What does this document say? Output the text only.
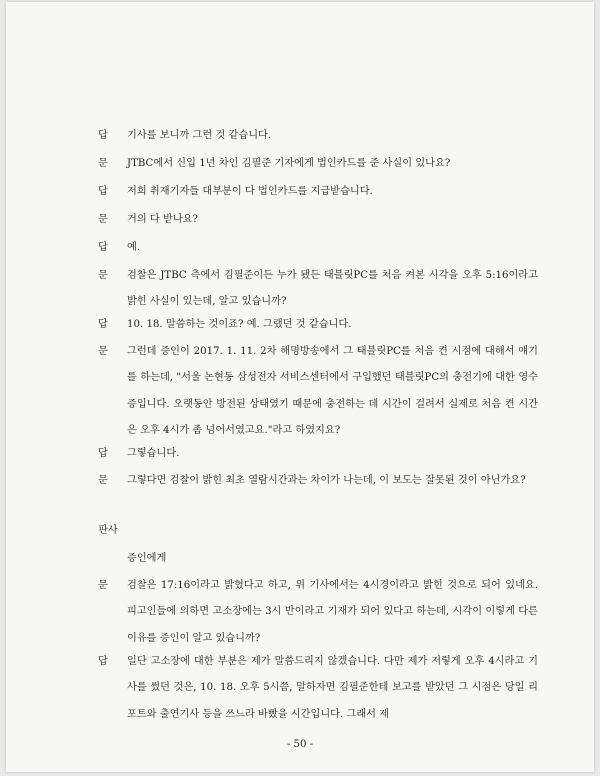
답	기사를 보니까 그런 것 같습니다.
문	JTBC에서 신입 1년 차인 김필준 기자에게 법인카드를 준 사실이 있나요?
답	저희 취재기자들 대부분이 다 법인카드를 지급받습니다.
문	거의 다 받나요?
답	예.
문	검찰은 JTBC 측에서 김필준이든 누가 됐든 태블릿PC를 처음 켜본 시각을 오후 5:16이라고 밝힌 사실이 있는데, 알고 있습니까?
답	10. 18. 말씀하는 것이죠? 예. 그랬던 것 같습니다.
문	그런데 증인이 2017. 1. 11. 2차 해명방송에서 그 태블릿PC를 처음 켠 시점에 대해서 얘기를 하는데, "서울 논현동 삼성전자 서비스센터에서 구입했던 태블릿PC의 충전기에 대한 영수증입니다. 오랫동안 방전된 상태였기 때문에 충전하는 데 시간이 걸려서 실제로 처음 켠 시간은 오후 4시가 좀 넘어서였고요."라고 하였지요?
답	그렇습니다.
문	그렇다면 검찰이 밝힌 최초 열람시간과는 차이가 나는데, 이 보도는 잘못된 것이 아닌가요?
판사
증인에게
문	검찰은 17:16이라고 밝혔다고 하고, 위 기사에서는 4시경이라고 밝힌 것으로 되어 있네요. 피고인들에 의하면 고소장에는 3시 반이라고 기재가 되어 있다고 하는데, 시각이 이렇게 다른 이유를 증인이 알고 있습니까?
답	일단 고소장에 대한 부분은 제가 말씀드리지 않겠습니다. 다만 제가 저렇게 오후 4시라고 기사를 썼던 것은, 10. 18. 오후 5시쯤, 말하자면 김필준한테 보고를 받았던 그 시점은 당일 리포트와 출연기사 등을 쓰느라 바빴을 시간입니다. 그래서 제
- 50 -
